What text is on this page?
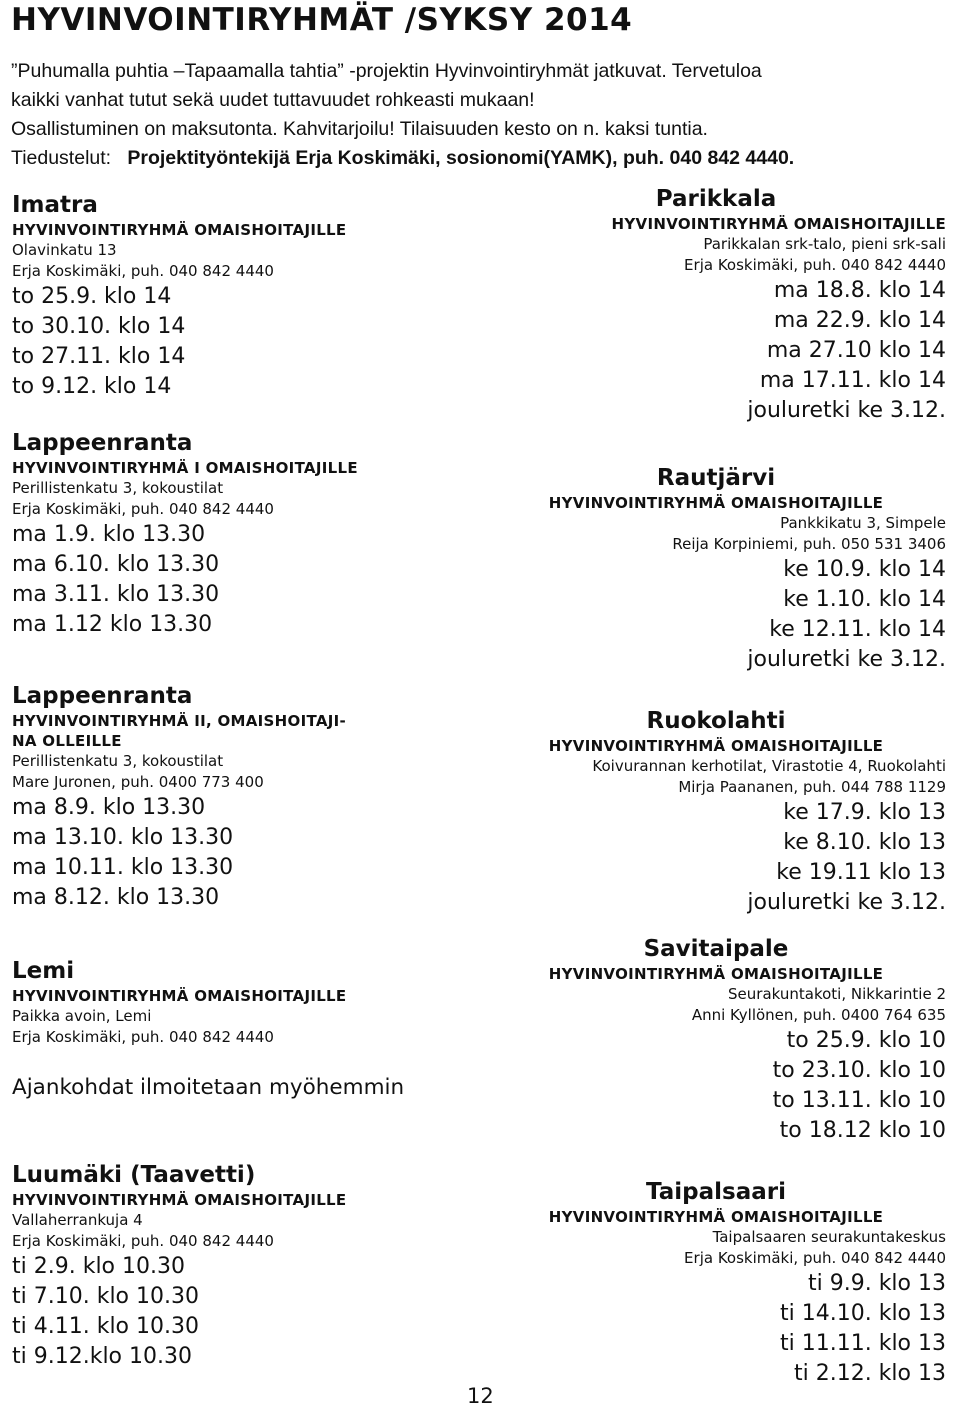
HYVINVOINTIRYHMÄT /SYKSY 2014
”Puhumalla puhtia –Tapaamalla tahtia” -projektin Hyvinvointiryhmät jatkuvat. Tervetuloa
kaikki vanhat tutut sekä uudet tuttavuudet rohkeasti mukaan!
Osallistuminen on maksutonta. Kahvitarjoilu! Tilaisuuden kesto on n. kaksi tuntia.
Tiedustelut: Projektityöntekijä Erja Koskimäki, sosionomi(YAMK), puh. 040 842 4440.
Imatra
HYVINVOINTIRYHMÄ OMAISHOITAJILLE
Olavinkatu 13
Erja Koskimäki, puh. 040 842 4440
to 25.9. klo 14
to 30.10. klo 14
to 27.11. klo 14
to 9.12. klo 14
Lappeenranta
HYVINVOINTIRYHMÄ I OMAISHOITAJILLE
Perillistenkatu 3, kokoustilat
Erja Koskimäki, puh. 040 842 4440
ma 1.9. klo 13.30
ma 6.10. klo 13.30
ma 3.11. klo 13.30
ma 1.12 klo 13.30
Lappeenranta
HYVINVOINTIRYHMÄ II, OMAISHOITAJI-
NA OLLEILLE
Perillistenkatu 3, kokoustilat
Mare Juronen, puh. 0400 773 400
ma 8.9. klo 13.30
ma 13.10. klo 13.30
ma 10.11. klo 13.30
ma 8.12. klo 13.30
Lemi
HYVINVOINTIRYHMÄ OMAISHOITAJILLE
Paikka avoin, Lemi
Erja Koskimäki, puh. 040 842 4440
Ajankohdat ilmoitetaan myöhemmin
Luumäki (Taavetti)
HYVINVOINTIRYHMÄ OMAISHOITAJILLE
Vallaherrankuja 4
Erja Koskimäki, puh. 040 842 4440
ti 2.9. klo 10.30
ti 7.10. klo 10.30
ti 4.11. klo 10.30
ti 9.12.klo 10.30
Parikkala
HYVINVOINTIRYHMÄ OMAISHOITAJILLE
Parikkalan srk-talo, pieni srk-sali
Erja Koskimäki, puh. 040 842 4440
ma 18.8. klo 14
ma 22.9. klo 14
ma 27.10 klo 14
ma 17.11. klo 14
jouluretki ke 3.12.
Rautjärvi
HYVINVOINTIRYHMÄ OMAISHOITAJILLE
Pankkikatu 3, Simpele
Reija Korpiniemi, puh. 050 531 3406
ke 10.9. klo 14
ke 1.10. klo 14
ke 12.11. klo 14
jouluretki ke 3.12.
Ruokolahti
HYVINVOINTIRYHMÄ OMAISHOITAJILLE
Koivurannan kerhotilat, Virastotie 4, Ruokolahti
Mirja Paananen, puh. 044 788 1129
ke 17.9. klo 13
ke 8.10. klo 13
ke 19.11 klo 13
jouluretki ke 3.12.
Savitaipale
HYVINVOINTIRYHMÄ OMAISHOITAJILLE
Seurakuntakoti, Nikkarintie 2
Anni Kyllönen, puh. 0400 764 635
to 25.9. klo 10
to 23.10. klo 10
to 13.11. klo 10
to 18.12 klo 10
Taipalsaari
HYVINVOINTIRYHMÄ OMAISHOITAJILLE
Taipalsaaren seurakuntakeskus
Erja Koskimäki, puh. 040 842 4440
ti 9.9. klo 13
ti 14.10. klo 13
ti 11.11. klo 13
ti 2.12. klo 13
12
